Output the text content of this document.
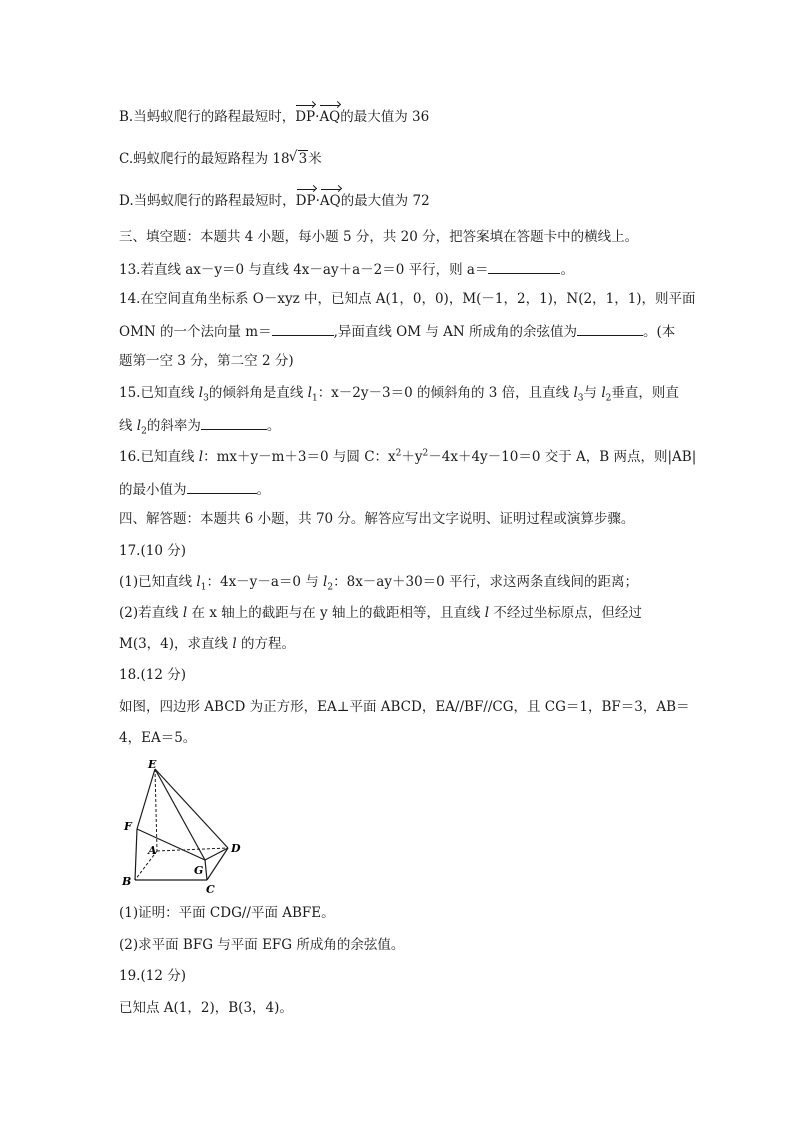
B.当蚂蚁爬行的路程最短时，DP·AQ的最大值为 36
C.蚂蚁爬行的最短路程为 18√ 3米
D.当蚂蚁爬行的路程最短时，DP·AQ的最大值为 72
三、填空题：本题共 4 小题，每小题 5 分，共 20 分，把答案填在答题卡中的横线上。
13.若直线 ax－y＝0 与直线 4x－ay＋a－2＝0 平行，则 a＝	。
14.在空间直角坐标系 O－xyz 中，已知点 A(1，0，0)，M(－1，2，1)，N(2，1，1)，则平面
OMN 的一个法向量 m＝	,异面直线 OM 与 AN 所成角的余弦值为	。(本
题第一空 3 分，第二空 2 分)
15.已知直线 $l_3$的倾斜角是直线 $l_1$：x－2y－3＝0 的倾斜角的 3 倍，且直线 $l_3$与 $l_2$垂直，则直
线 $l_2$的斜率为	。
16.已知直线 l：mx＋y－m＋3＝0 与圆 C：$x^2+y^2-4x+4y-10=0$ 交于 A，B 两点，则|AB|
的最小值为	。
四、解答题：本题共 6 小题，共 70 分。解答应写出文字说明、证明过程或演算步骤。
17.(10 分)
(1)已知直线 $l_1$：4x－y－a＝0 与 $l_2$：8x－ay＋30＝0 平行，求这两条直线间的距离；
(2)若直线 l 在 x 轴上的截距与在 y 轴上的截距相等，且直线 l 不经过坐标原点，但经过
M(3，4)，求直线 l 的方程。
18.(12 分)
如图，四边形 ABCD 为正方形，EA⊥平面 ABCD，EA//BF//CG，且 CG＝1，BF＝3，AB＝
4，EA＝5。
E
F
A
G
D
B
C
(1)证明：平面 CDG//平面 ABFE。
(2)求平面 BFG 与平面 EFG 所成角的余弦值。
19.(12 分)
已知点 A(1，2)，B(3，4)。
